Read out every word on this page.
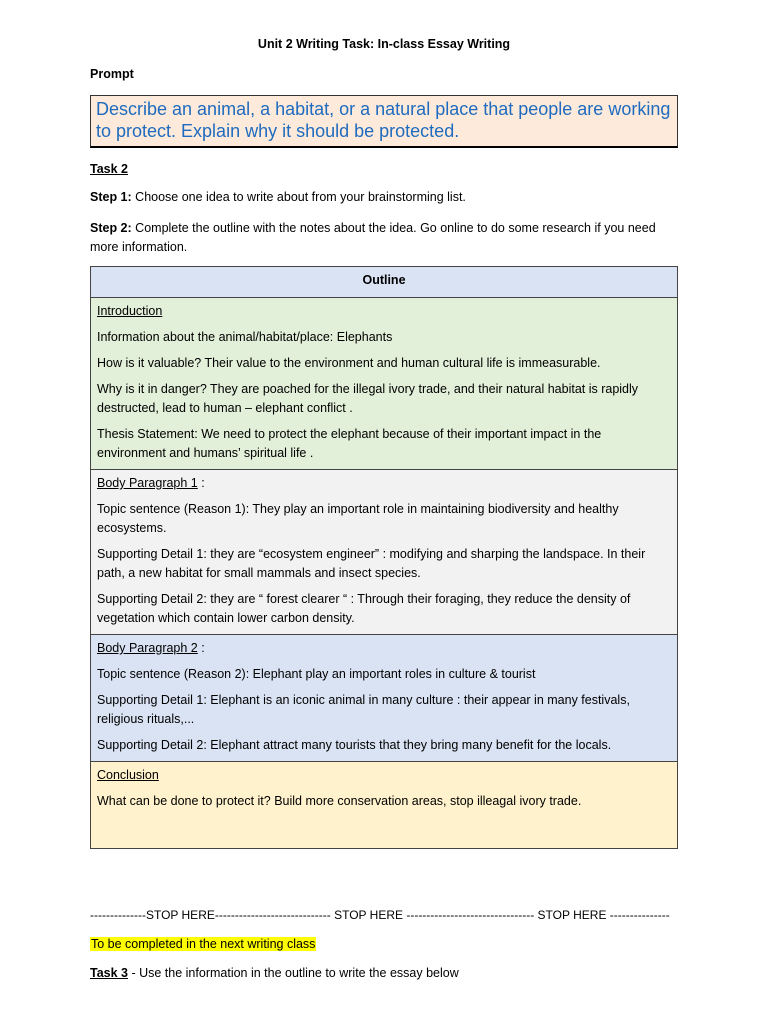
Unit 2 Writing Task: In-class Essay Writing
Prompt
Describe an animal, a habitat, or a natural place that people are working to protect. Explain why it should be protected.
Task 2
Step 1: Choose one idea to write about from your brainstorming list.
Step 2: Complete the outline with the notes about the idea. Go online to do some research if you need more information.
Outline

Introduction
Information about the animal/habitat/place: Elephants
How is it valuable? Their value to the environment and human cultural life is immeasurable.
Why is it in danger? They are poached for the illegal ivory trade, and their natural habitat is rapidly destructed, lead to human – elephant conflict .
Thesis Statement: We need to protect the elephant because of their important impact in the environment and humans’ spiritual life .

Body Paragraph 1 :
Topic sentence (Reason 1): They play an important role in maintaining biodiversity and healthy ecosystems.
Supporting Detail 1: they are “ecosystem engineer” : modifying and sharping the landspace. In their path, a new habitat for small mammals and insect species.
Supporting Detail 2: they are “ forest clearer “ : Through their foraging, they reduce the density of vegetation which contain lower carbon density.

Body Paragraph 2 :
Topic sentence (Reason 2): Elephant play an important roles in culture & tourist
Supporting Detail 1: Elephant is an iconic animal in many culture : their appear in many festivals, religious rituals,...
Supporting Detail 2: Elephant attract many tourists that they bring many benefit for the locals.

Conclusion
What can be done to protect it? Build more conservation areas, stop illeagal ivory trade.
--------------STOP HERE----------------------------- STOP HERE -------------------------------- STOP HERE ---------------
To be completed in the next writing class
Task 3 - Use the information in the outline to write the essay below
